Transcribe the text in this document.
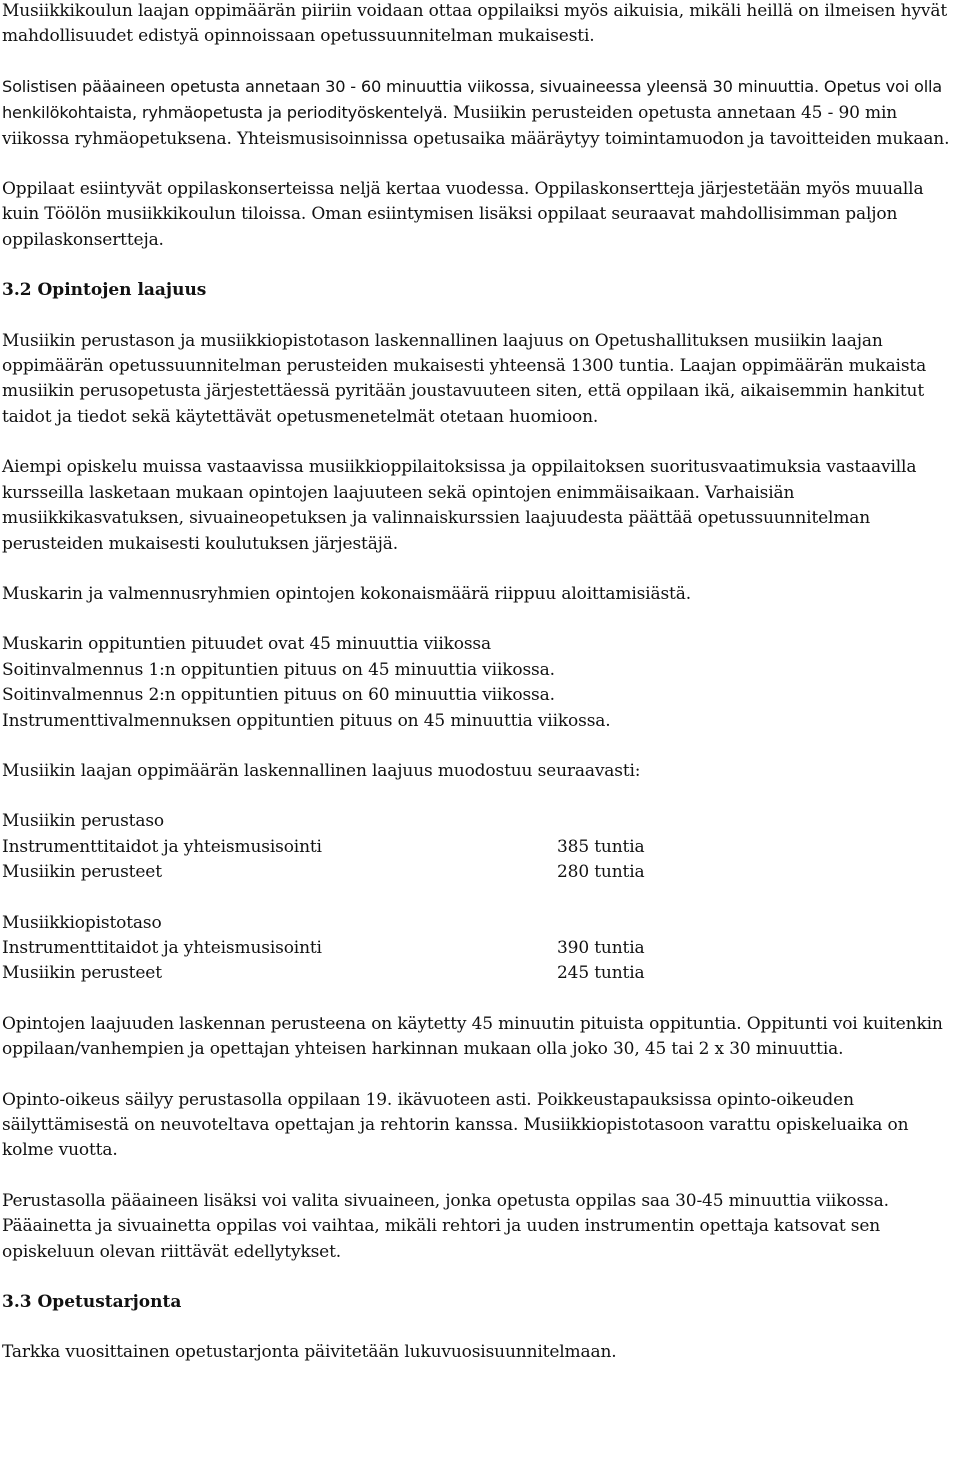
Musiikkikoulun laajan oppimäärän piiriin voidaan ottaa oppilaiksi myös aikuisia, mikäli heillä on ilmeisen hyvät mahdollisuudet edistyä opinnoissaan opetussuunnitelman mukaisesti.

Solistisen pääaineen opetusta annetaan 30 - 60 minuuttia viikossa, sivuaineessa yleensä 30 minuuttia. Opetus voi olla henkilökohtaista, ryhmäopetusta ja periodityöskentelyä. Musiikin perusteiden opetusta annetaan 45 - 90 min viikossa ryhmäopetuksena. Yhteismusisoinnissa opetusaika määräytyy toimintamuodon ja tavoitteiden mukaan.

Oppilaat esiintyvät oppilaskonserteissa neljä kertaa vuodessa. Oppilaskonsertteja järjestetään myös muualla kuin Töölön musiikkikoulun tiloissa. Oman esiintymisen lisäksi oppilaat seuraavat mahdollisimman paljon oppilaskonsertteja.

3.2 Opintojen laajuus

Musiikin perustason ja musiikkiopistotason laskennallinen laajuus on Opetushallituksen musiikin laajan oppimäärän opetussuunnitelman perusteiden mukaisesti yhteensä 1300 tuntia. Laajan oppimäärän mukaista musiikin perusopetusta järjestettäessä pyritään joustavuuteen siten, että oppilaan ikä, aikaisemmin hankitut taidot ja tiedot sekä käytettävät opetusmenetelmät otetaan huomioon.

Aiempi opiskelu muissa vastaavissa musiikkioppilaitoksissa ja oppilaitoksen suoritusvaatimuksia vastaavilla kursseilla lasketaan mukaan opintojen laajuuteen sekä opintojen enimmäisaikaan. Varhaisiän musiikkikasvatuksen, sivuaineopetuksen ja valinnaiskurssien laajuudesta päättää opetussuunnitelman perusteiden mukaisesti koulutuksen järjestäjä.

Muskarin ja valmennusryhmien opintojen kokonaismäärä riippuu aloittamisiästä.

Muskarin oppituntien pituudet ovat 45 minuuttia viikossa

Soitinvalmennus 1:n oppituntien pituus on 45 minuuttia viikossa.

Soitinvalmennus 2:n oppituntien pituus on 60 minuuttia viikossa.

Instrumenttivalmennuksen oppituntien pituus on 45 minuuttia viikossa.

Musiikin laajan oppimäärän laskennallinen laajuus muodostuu seuraavasti:

Musiikin perustaso

Instrumenttitaidot ja yhteismusisointi	385 tuntia

Musiikin perusteet	280 tuntia

Musiikkiopistotaso

Instrumenttitaidot ja yhteismusisointi	390 tuntia

Musiikin perusteet	245 tuntia

Opintojen laajuuden laskennan perusteena on käytetty 45 minuutin pituista oppituntia. Oppitunti voi kuitenkin oppilaan/vanhempien ja opettajan yhteisen harkinnan mukaan olla joko 30, 45 tai 2 x 30 minuuttia.

Opinto-oikeus säilyy perustasolla oppilaan 19. ikävuoteen asti. Poikkeustapauksissa opinto-oikeuden säilyttämisestä on neuvoteltava opettajan ja rehtorin kanssa. Musiikkiopistotasoon varattu opiskeluaika on kolme vuotta.

Perustasolla pääaineen lisäksi voi valita sivuaineen, jonka opetusta oppilas saa 30-45 minuuttia viikossa. Pääainetta ja sivuainetta oppilas voi vaihtaa, mikäli rehtori ja uuden instrumentin opettaja katsovat sen opiskeluun olevan riittävät edellytykset.

3.3 Opetustarjonta

Tarkka vuosittainen opetustarjonta päivitetään lukuvuosisuunnitelmaan.
